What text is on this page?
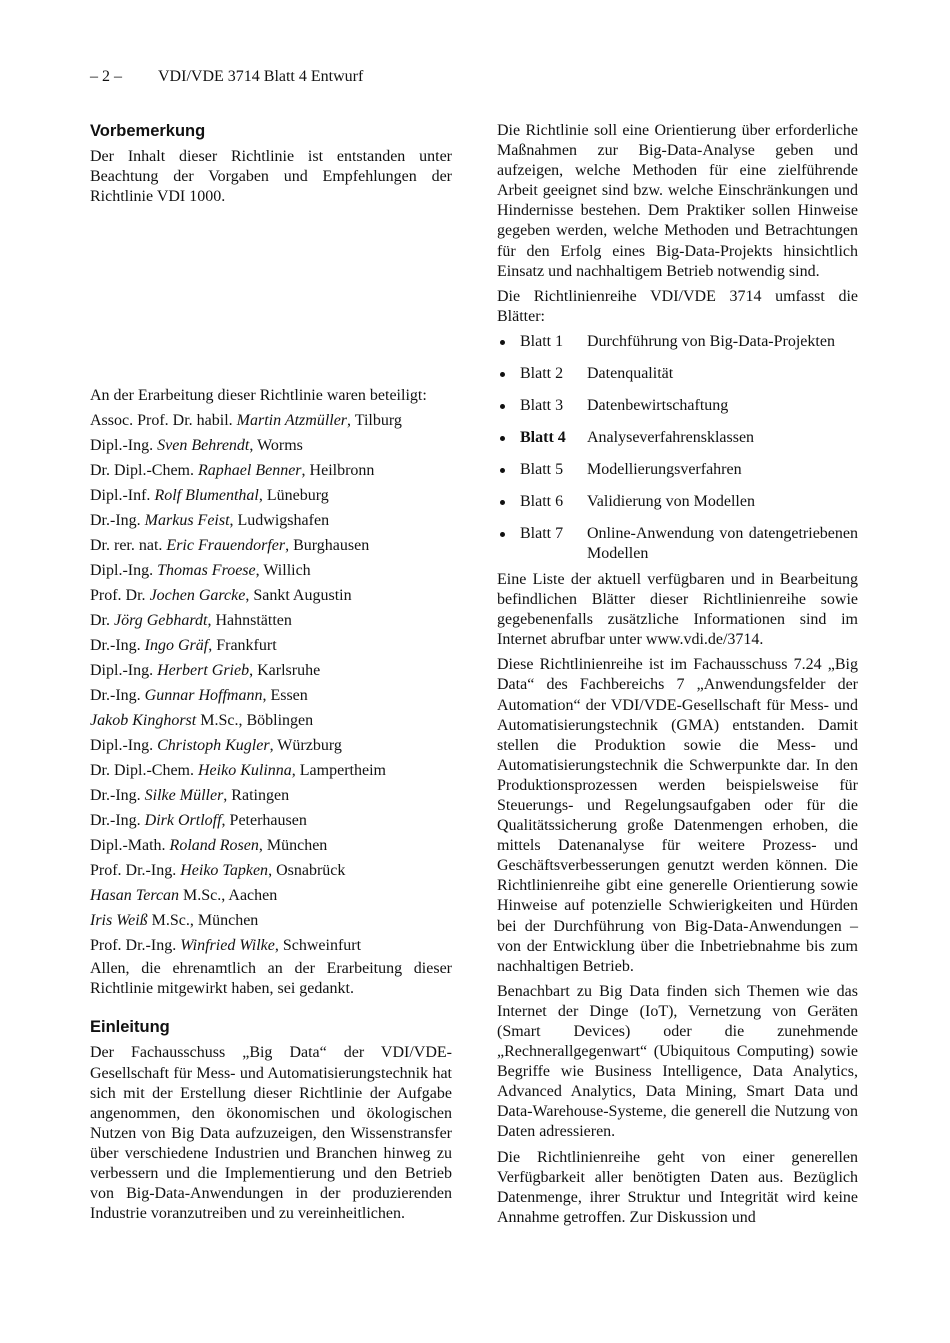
– 2 – VDI/VDE 3714 Blatt 4 Entwurf
Vorbemerkung

Der Inhalt dieser Richtlinie ist entstanden unter Beachtung der Vorgaben und Empfehlungen der Richtlinie VDI 1000.

An der Erarbeitung dieser Richtlinie waren beteiligt:

Assoc. Prof. Dr. habil. Martin Atzmüller, Tilburg
Dipl.-Ing. Sven Behrendt, Worms
Dr. Dipl.-Chem. Raphael Benner, Heilbronn
Dipl.-Inf. Rolf Blumenthal, Lüneburg
Dr.-Ing. Markus Feist, Ludwigshafen
Dr. rer. nat. Eric Frauendorfer, Burghausen
Dipl.-Ing. Thomas Froese, Willich
Prof. Dr. Jochen Garcke, Sankt Augustin
Dr. Jörg Gebhardt, Hahnstätten
Dr.-Ing. Ingo Gräf, Frankfurt
Dipl.-Ing. Herbert Grieb, Karlsruhe
Dr.-Ing. Gunnar Hoffmann, Essen
Jakob Kinghorst M.Sc., Böblingen
Dipl.-Ing. Christoph Kugler, Würzburg
Dr. Dipl.-Chem. Heiko Kulinna, Lampertheim
Dr.-Ing. Silke Müller, Ratingen
Dr.-Ing. Dirk Ortloff, Peterhausen
Dipl.-Math. Roland Rosen, München
Prof. Dr.-Ing. Heiko Tapken, Osnabrück
Hasan Tercan M.Sc., Aachen
Iris Weiß M.Sc., München
Prof. Dr.-Ing. Winfried Wilke, Schweinfurt

Allen, die ehrenamtlich an der Erarbeitung dieser Richtlinie mitgewirkt haben, sei gedankt.

Einleitung

Der Fachausschuss „Big Data“ der VDI/VDE-Gesellschaft für Mess- und Automatisierungstechnik hat sich mit der Erstellung dieser Richtlinie der Aufgabe angenommen, den ökonomischen und ökologischen Nutzen von Big Data aufzuzeigen, den Wissenstransfer über verschiedene Industrien und Branchen hinweg zu verbessern und die Implementierung und den Betrieb von Big-Data-Anwendungen in der produzierenden Industrie voranzutreiben und zu vereinheitlichen.

Die Richtlinie soll eine Orientierung über erforderliche Maßnahmen zur Big-Data-Analyse geben und aufzeigen, welche Methoden für eine zielführende Arbeit geeignet sind bzw. welche Einschränkungen und Hindernisse bestehen. Dem Praktiker sollen Hinweise gegeben werden, welche Methoden und Betrachtungen für den Erfolg eines Big-Data-Projekts hinsichtlich Einsatz und nachhaltigem Betrieb notwendig sind.

Die Richtlinienreihe VDI/VDE 3714 umfasst die Blätter:

Blatt 1 Durchführung von Big-Data-Projekten
Blatt 2 Datenqualität
Blatt 3 Datenbewirtschaftung
Blatt 4 Analyseverfahrensklassen
Blatt 5 Modellierungsverfahren
Blatt 6 Validierung von Modellen
Blatt 7 Online-Anwendung von datengetriebenen Modellen

Eine Liste der aktuell verfügbaren und in Bearbeitung befindlichen Blätter dieser Richtlinienreihe sowie gegebenenfalls zusätzliche Informationen sind im Internet abrufbar unter www.vdi.de/3714.

Diese Richtlinienreihe ist im Fachausschuss 7.24 „Big Data“ des Fachbereichs 7 „Anwendungsfelder der Automation“ der VDI/VDE-Gesellschaft für Mess- und Automatisierungstechnik (GMA) entstanden. Damit stellen die Produktion sowie die Mess- und Automatisierungstechnik die Schwerpunkte dar. In den Produktionsprozessen werden beispielsweise für Steuerungs- und Regelungsaufgaben oder für die Qualitätssicherung große Datenmengen erhoben, die mittels Datenanalyse für weitere Prozess- und Geschäftsverbesserungen genutzt werden können. Die Richtlinienreihe gibt eine generelle Orientierung sowie Hinweise auf potenzielle Schwierigkeiten und Hürden bei der Durchführung von Big-Data-Anwendungen – von der Entwicklung über die Inbetriebnahme bis zum nachhaltigen Betrieb.

Benachbart zu Big Data finden sich Themen wie das Internet der Dinge (IoT), Vernetzung von Geräten (Smart Devices) oder die zunehmende „Rechnerallgegenwart“ (Ubiquitous Computing) sowie Begriffe wie Business Intelligence, Data Analytics, Advanced Analytics, Data Mining, Smart Data und Data-Warehouse-Systeme, die generell die Nutzung von Daten adressieren.

Die Richtlinienreihe geht von einer generellen Verfügbarkeit aller benötigten Daten aus. Bezüglich Datenmenge, ihrer Struktur und Integrität wird keine Annahme getroffen. Zur Diskussion und
